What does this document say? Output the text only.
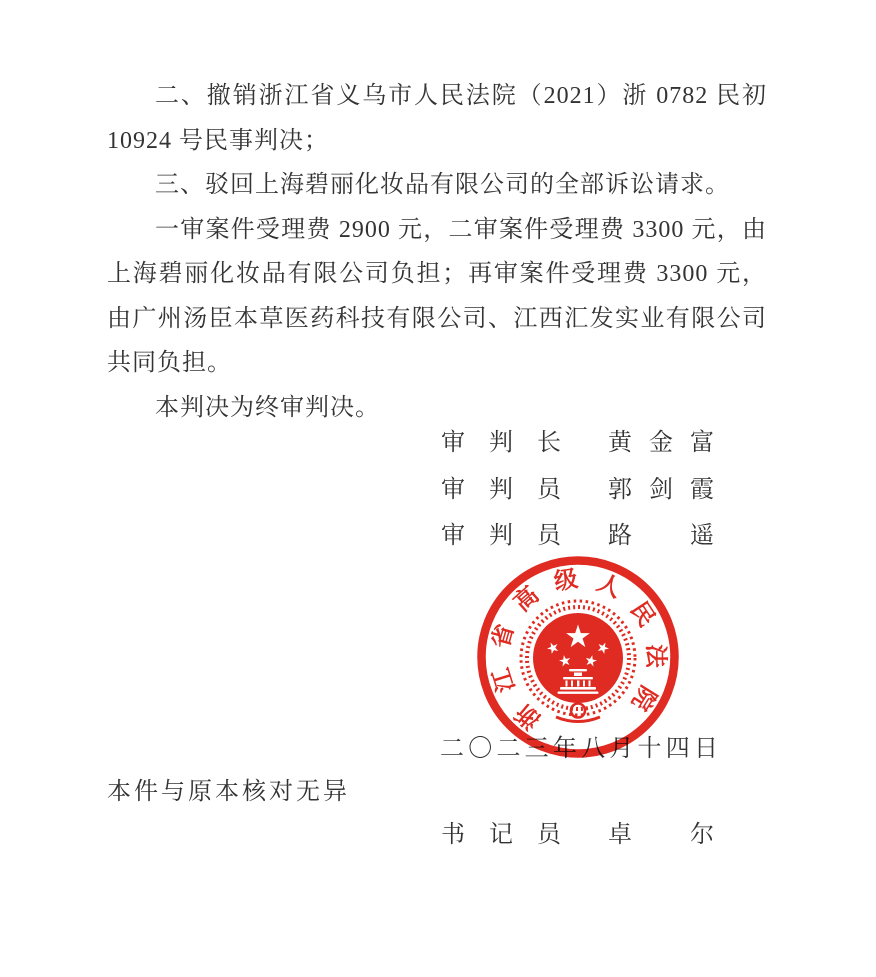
二、撤销浙江省义乌市人民法院（2021）浙 0782 民初 10924 号民事判决；

三、驳回上海碧丽化妆品有限公司的全部诉讼请求。

一审案件受理费 2900 元，二审案件受理费 3300 元，由上海碧丽化妆品有限公司负担；再审案件受理费 3300 元，由广州汤臣本草医药科技有限公司、江西汇发实业有限公司共同负担。

本判决为终审判决。

审判长 黄金富
审判员 郭剑霞
审判员 路遥
二〇二三年八月十四日
本件与原本核对无异
书记员 卓尔
浙
江
省
高
级 人
民
法
院
